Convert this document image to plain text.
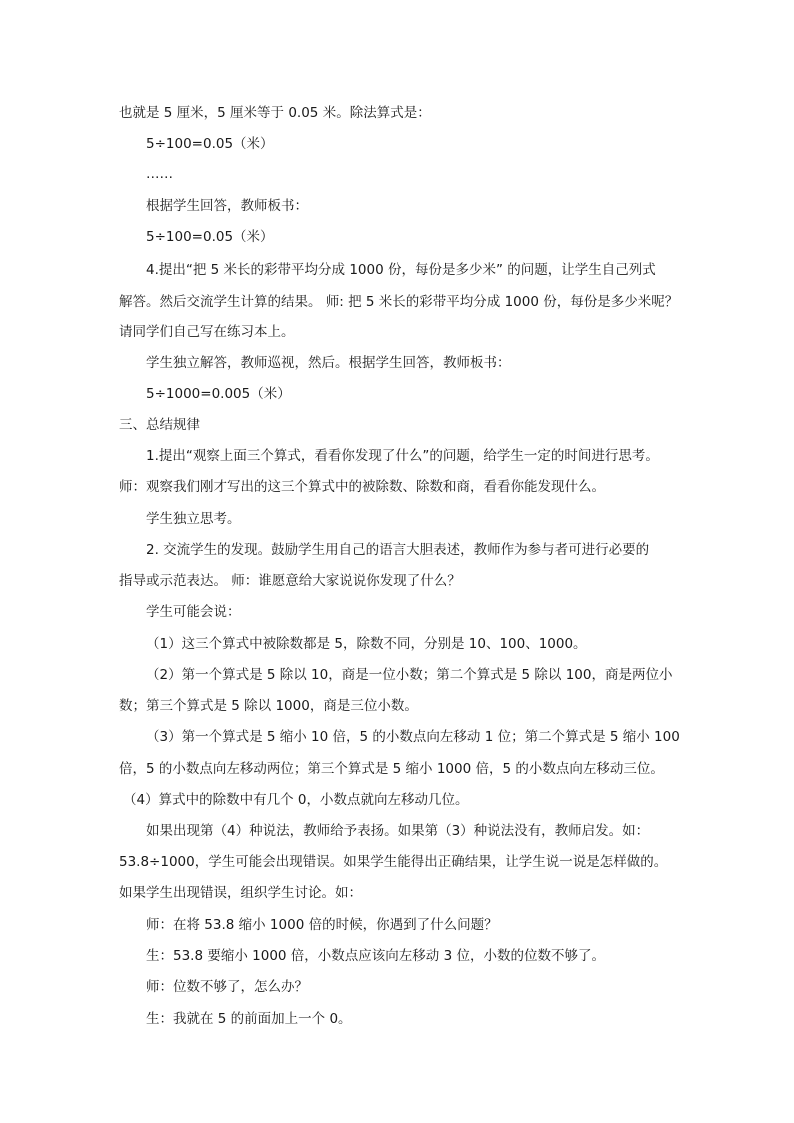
也就是 5 厘米，5 厘米等于 0.05 米。除法算式是：

5÷100=0.05（米）

……

根据学生回答，教师板书：

5÷100=0.05（米）

4.提出“把 5 米长的彩带平均分成 1000 份，每份是多少米” 的问题，让学生自己列式

解答。然后交流学生计算的结果。 师: 把 5 米长的彩带平均分成 1000 份，每份是多少米呢？

请同学们自己写在练习本上。

学生独立解答，教师巡视，然后。根据学生回答，教师板书：

5÷1000=0.005（米）

三、总结规律

1.提出“观察上面三个算式，看看你发现了什么”的问题，给学生一定的时间进行思考。

师：观察我们刚才写出的这三个算式中的被除数、除数和商，看看你能发现什么。

学生独立思考。

2. 交流学生的发现。鼓励学生用自己的语言大胆表述，教师作为参与者可进行必要的

指导或示范表达。 师：谁愿意给大家说说你发现了什么？

学生可能会说：

（1）这三个算式中被除数都是 5，除数不同，分别是 10、100、1000。

（2）第一个算式是 5 除以 10，商是一位小数；第二个算式是 5 除以 100，商是两位小

数；第三个算式是 5 除以 1000，商是三位小数。

（3）第一个算式是 5 缩小 10 倍，5 的小数点向左移动 1 位；第二个算式是 5 缩小 100

倍，5 的小数点向左移动两位；第三个算式是 5 缩小 1000 倍，5 的小数点向左移动三位。

（4）算式中的除数中有几个 0，小数点就向左移动几位。

如果出现第（4）种说法，教师给予表扬。如果第（3）种说法没有，教师启发。如：

53.8÷1000，学生可能会出现错误。如果学生能得出正确结果，让学生说一说是怎样做的。

如果学生出现错误，组织学生讨论。如：

师：在将 53.8 缩小 1000 倍的时候，你遇到了什么问题？

生：53.8 要缩小 1000 倍，小数点应该向左移动 3 位，小数的位数不够了。

师：位数不够了，怎么办？

生：我就在 5 的前面加上一个 0。
